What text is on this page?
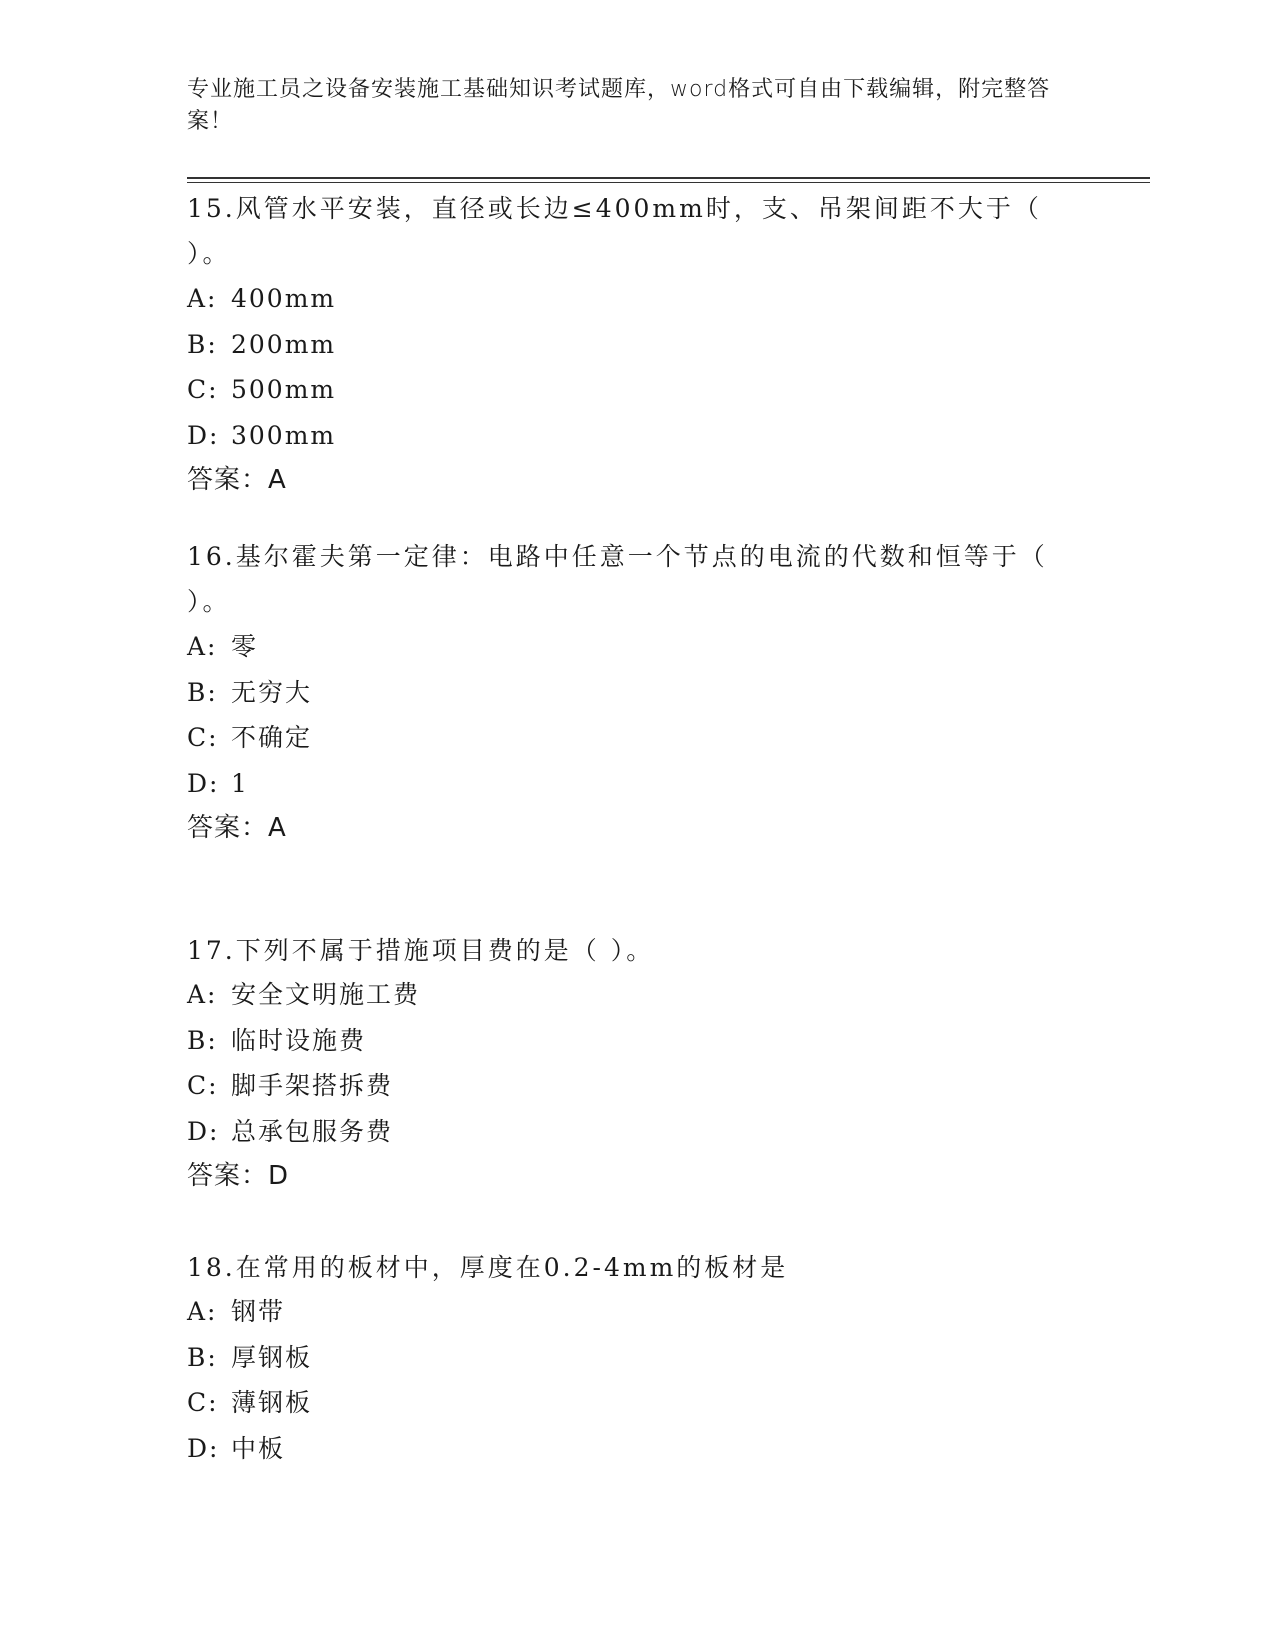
专业施工员之设备安装施工基础知识考试题库，word格式可自由下载编辑，附完整答案！
15.风管水平安装，直径或长边≤400mm时，支、吊架间距不大于（ ）。
A: 400mm
B: 200mm
C: 500mm
D: 300mm
答案：A
16.基尔霍夫第一定律：电路中任意一个节点的电流的代数和恒等于（ ）。
A: 零
B: 无穷大
C: 不确定
D: 1
答案：A
17.下列不属于措施项目费的是（ ）。
A: 安全文明施工费
B: 临时设施费
C: 脚手架搭拆费
D: 总承包服务费
答案：D
18.在常用的板材中，厚度在0.2-4mm的板材是
A: 钢带
B: 厚钢板
C: 薄钢板
D: 中板
